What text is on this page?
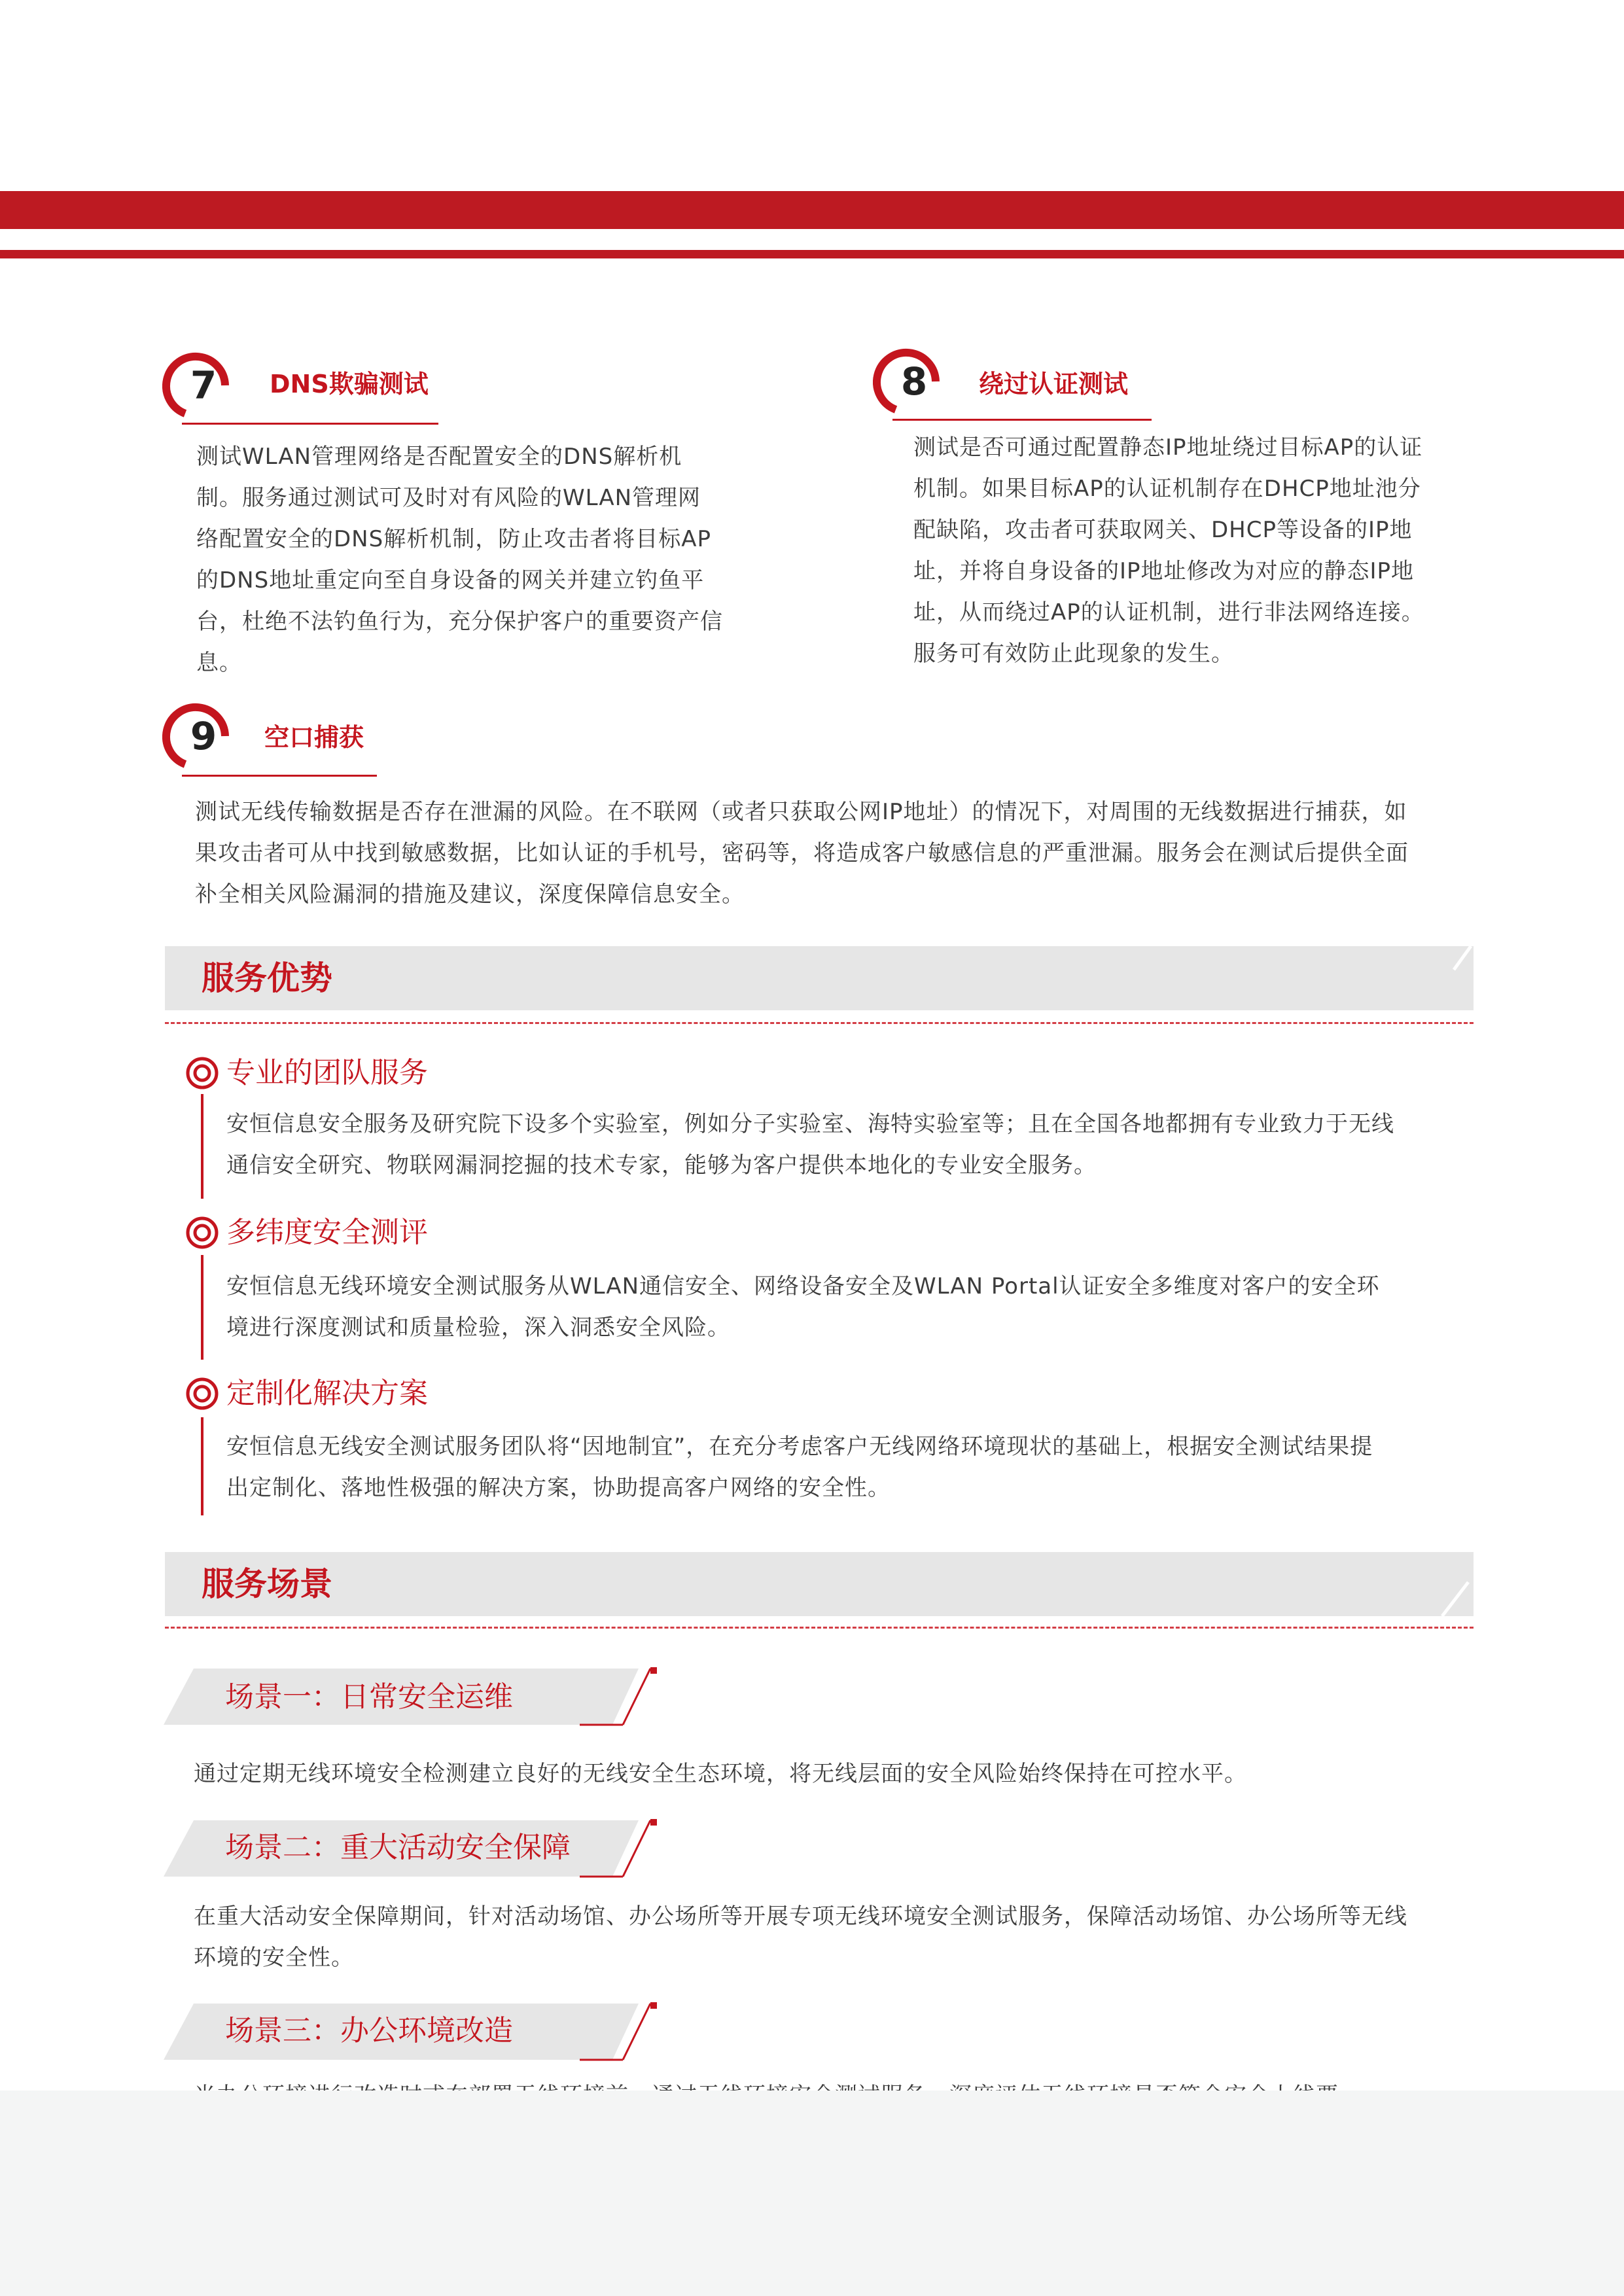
7	DNS欺骗测试
测试WLAN管理网络是否配置安全的DNS解析机
制。服务通过测试可及时对有风险的WLAN管理网
络配置安全的DNS解析机制，防止攻击者将目标AP
的DNS地址重定向至自身设备的网关并建立钓鱼平
台，杜绝不法钓鱼行为，充分保护客户的重要资产信
息。
8	绕过认证测试
测试是否可通过配置静态IP地址绕过目标AP的认证
机制。如果目标AP的认证机制存在DHCP地址池分
配缺陷，攻击者可获取网关、DHCP等设备的IP地
址，并将自身设备的IP地址修改为对应的静态IP地
址，从而绕过AP的认证机制，进行非法网络连接。
服务可有效防止此现象的发生。
9	空口捕获
测试无线传输数据是否存在泄漏的风险。在不联网（或者只获取公网IP地址）的情况下，对周围的无线数据进行捕获，如
果攻击者可从中找到敏感数据，比如认证的手机号，密码等，将造成客户敏感信息的严重泄漏。服务会在测试后提供全面
补全相关风险漏洞的措施及建议，深度保障信息安全。
服务优势
专业的团队服务
安恒信息安全服务及研究院下设多个实验室，例如分子实验室、海特实验室等；且在全国各地都拥有专业致力于无线
通信安全研究、物联网漏洞挖掘的技术专家，能够为客户提供本地化的专业安全服务。
多纬度安全测评
安恒信息无线环境安全测试服务从WLAN通信安全、网络设备安全及WLAN Portal认证安全多维度对客户的安全环
境进行深度测试和质量检验，深入洞悉安全风险。
定制化解决方案
安恒信息无线安全测试服务团队将“因地制宜”，在充分考虑客户无线网络环境现状的基础上，根据安全测试结果提
出定制化、落地性极强的解决方案，协助提高客户网络的安全性。
服务场景
场景一：日常安全运维
通过定期无线环境安全检测建立良好的无线安全生态环境，将无线层面的安全风险始终保持在可控水平。
场景二：重大活动安全保障
在重大活动安全保障期间，针对活动场馆、办公场所等开展专项无线环境安全测试服务，保障活动场馆、办公场所等无线
环境的安全性。
场景三：办公环境改造
